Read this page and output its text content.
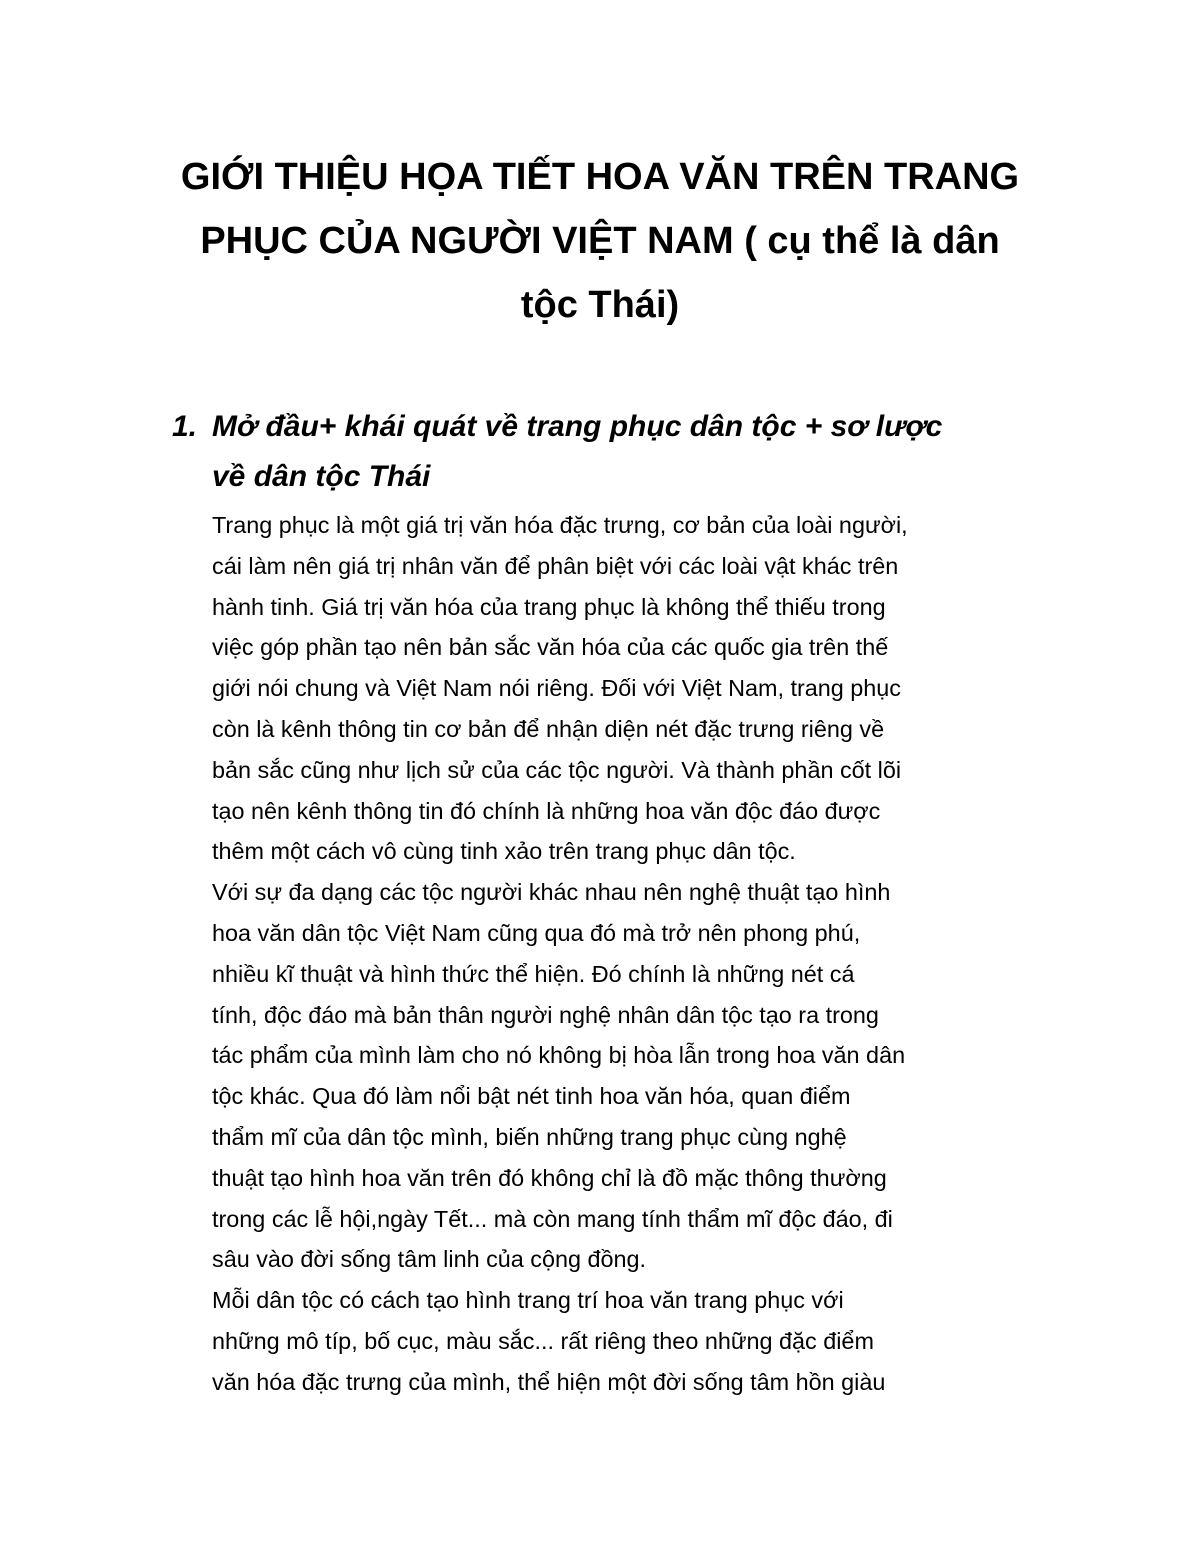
GIỚI THIỆU HỌA TIẾT HOA VĂN TRÊN TRANG
PHỤC CỦA NGƯỜI VIỆT NAM ( cụ thể là dân
tộc Thái)
1. Mở đầu+ khái quát về trang phục dân tộc + sơ lược
về dân tộc Thái
Trang phục là một giá trị văn hóa đặc trưng, cơ bản của loài người,
cái làm nên giá trị nhân văn để phân biệt với các loài vật khác trên
hành tinh. Giá trị văn hóa của trang phục là không thể thiếu trong
việc góp phần tạo nên bản sắc văn hóa của các quốc gia trên thế
giới nói chung và Việt Nam nói riêng. Đối với Việt Nam, trang phục
còn là kênh thông tin cơ bản để nhận diện nét đặc trưng riêng về
bản sắc cũng như lịch sử của các tộc người. Và thành phần cốt lõi
tạo nên kênh thông tin đó chính là những hoa văn độc đáo được
thêm một cách vô cùng tinh xảo trên trang phục dân tộc.
Với sự đa dạng các tộc người khác nhau nên nghệ thuật tạo hình
hoa văn dân tộc Việt Nam cũng qua đó mà trở nên phong phú,
nhiều kĩ thuật và hình thức thể hiện. Đó chính là những nét cá
tính, độc đáo mà bản thân người nghệ nhân dân tộc tạo ra trong
tác phẩm của mình làm cho nó không bị hòa lẫn trong hoa văn dân
tộc khác. Qua đó làm nổi bật nét tinh hoa văn hóa, quan điểm
thẩm mĩ của dân tộc mình, biến những trang phục cùng nghệ
thuật tạo hình hoa văn trên đó không chỉ là đồ mặc thông thường
trong các lễ hội,ngày Tết... mà còn mang tính thẩm mĩ độc đáo, đi
sâu vào đời sống tâm linh của cộng đồng.
Mỗi dân tộc có cách tạo hình trang trí hoa văn trang phục với
những mô típ, bố cục, màu sắc... rất riêng theo những đặc điểm
văn hóa đặc trưng của mình, thể hiện một đời sống tâm hồn giàu
